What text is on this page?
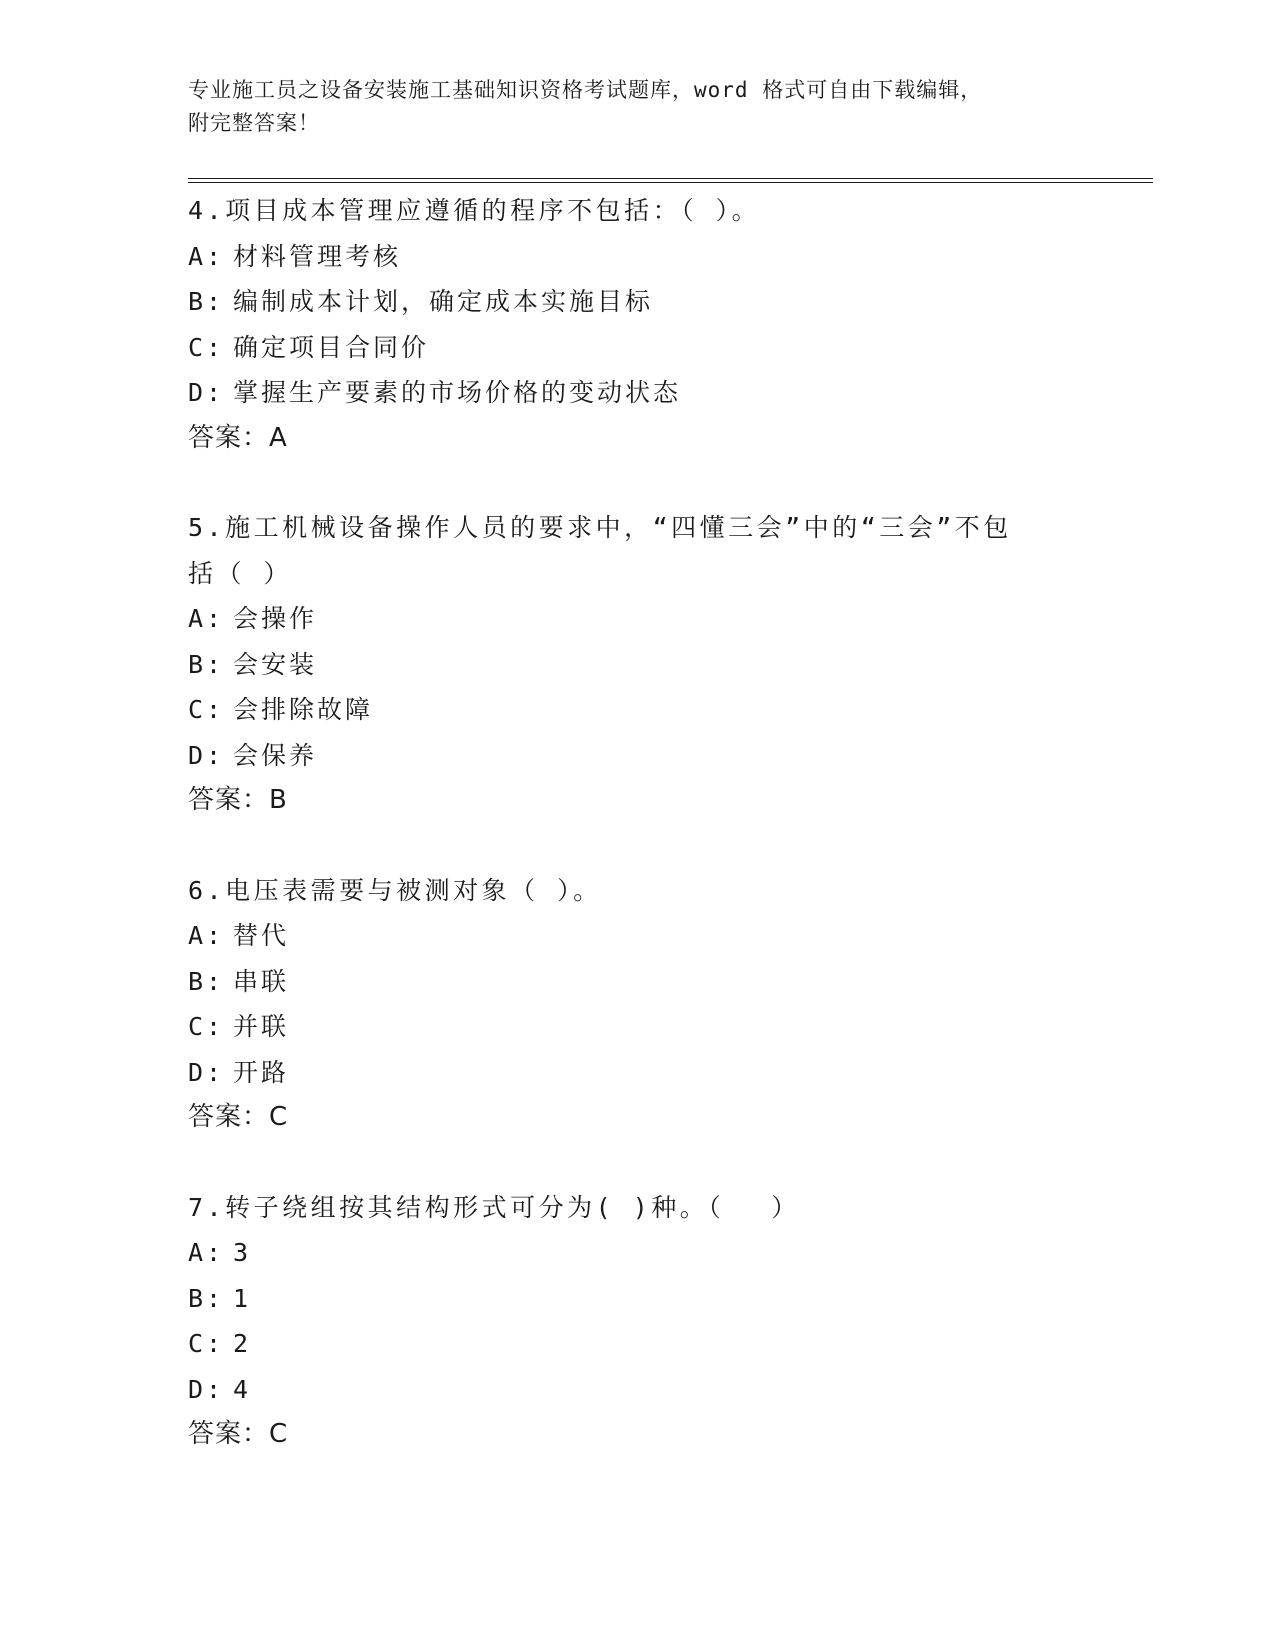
专业施工员之设备安装施工基础知识资格考试题库，word 格式可自由下载编辑，
附完整答案！
4.项目成本管理应遵循的程序不包括：（ ）。
A: 材料管理考核
B: 编制成本计划，确定成本实施目标
C: 确定项目合同价
D: 掌握生产要素的市场价格的变动状态
答案：A
5.施工机械设备操作人员的要求中，“四懂三会”中的“三会”不包
括（ ）
A: 会操作
B: 会安装
C: 会排除故障
D: 会保养
答案：B
6.电压表需要与被测对象（ ）。
A: 替代
B: 串联
C: 并联
D: 开路
答案：C
7.转子绕组按其结构形式可分为( )种。（　 ）
A: 3
B: 1
C: 2
D: 4
答案：C
